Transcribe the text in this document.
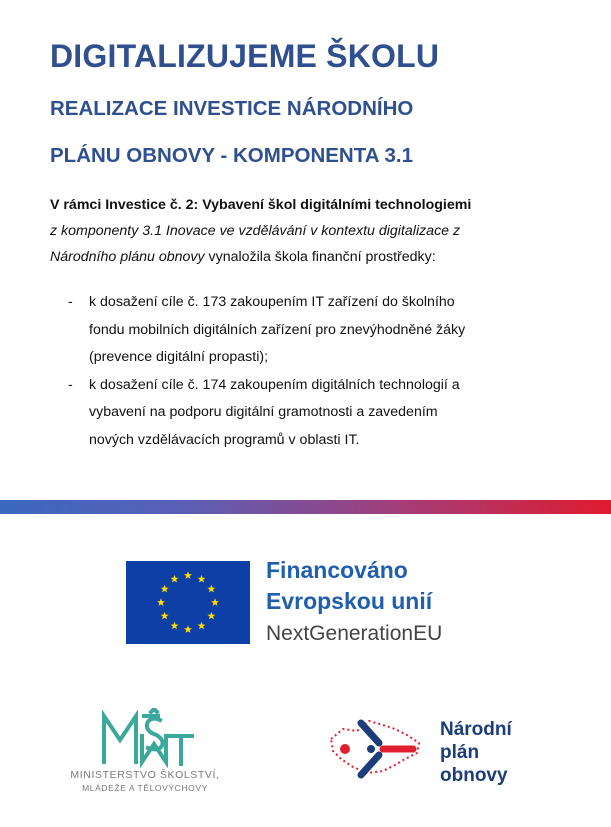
DIGITALIZUJEME ŠKOLU
REALIZACE INVESTICE NÁRODNÍHO
PLÁNU OBNOVY - KOMPONENTA 3.1

V rámci Investice č. 2: Vybavení škol digitálními technologiemi
z komponenty 3.1 Inovace ve vzdělávání v kontextu digitalizace z
Národního plánu obnovy vynaložila škola finanční prostředky:

- k dosažení cíle č. 173 zakoupením IT zařízení do školního
fondu mobilních digitálních zařízení pro znevýhodněné žáky
(prevence digitální propasti);
- k dosažení cíle č. 174 zakoupením digitálních technologií a
vybavení na podporu digitální gramotnosti a zavedením
nových vzdělávacích programů v oblasti IT.

Financováno

Evropskou unií

NextGenerationEU

MINISTERSTVO ŠKOLSTVÍ,

MLÁDEŽE A TĚLOVÝCHOVY

Národní

plán

obnovy
